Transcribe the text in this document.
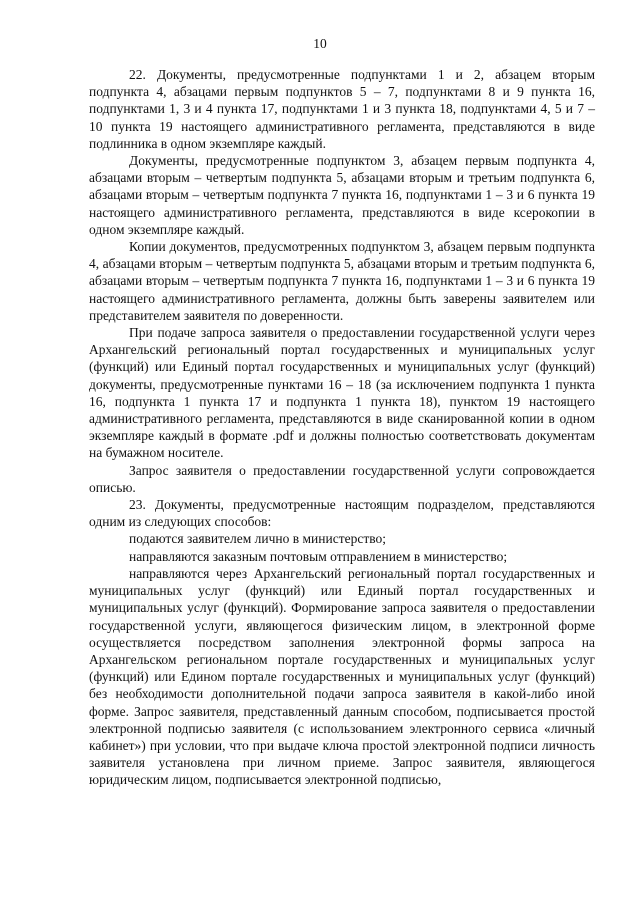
10

22. Документы, предусмотренные подпунктами 1 и 2, абзацем вторым подпункта 4, абзацами первым подпунктов 5 – 7, подпунктами 8 и 9 пункта 16, подпунктами 1, 3 и 4 пункта 17, подпунктами 1 и 3 пункта 18, подпунктами 4, 5 и 7 – 10 пункта 19 настоящего административного регламента, представляются в виде подлинника в одном экземпляре каждый.

Документы, предусмотренные подпунктом 3, абзацем первым подпункта 4, абзацами вторым – четвертым подпункта 5, абзацами вторым и третьим подпункта 6, абзацами вторым – четвертым подпункта 7 пункта 16, подпунктами 1 – 3 и 6 пункта 19 настоящего административного регламента, представляются в виде ксерокопии в одном экземпляре каждый.

Копии документов, предусмотренных подпунктом 3, абзацем первым подпункта 4, абзацами вторым – четвертым подпункта 5, абзацами вторым и третьим подпункта 6, абзацами вторым – четвертым подпункта 7 пункта 16, подпунктами 1 – 3 и 6 пункта 19 настоящего административного регламента, должны быть заверены заявителем или представителем заявителя по доверенности.

При подаче запроса заявителя о предоставлении государственной услуги через Архангельский региональный портал государственных и муниципальных услуг (функций) или Единый портал государственных и муниципальных услуг (функций) документы, предусмотренные пунктами 16 – 18 (за исключением подпункта 1 пункта 16, подпункта 1 пункта 17 и подпункта 1 пункта 18), пунктом 19 настоящего административного регламента, представляются в виде сканированной копии в одном экземпляре каждый в формате .pdf и должны полностью соответствовать документам на бумажном носителе.

Запрос заявителя о предоставлении государственной услуги сопровождается описью.

23. Документы, предусмотренные настоящим подразделом, представляются одним из следующих способов:

подаются заявителем лично в министерство;

направляются заказным почтовым отправлением в министерство;

направляются через Архангельский региональный портал государственных и муниципальных услуг (функций) или Единый портал государственных и муниципальных услуг (функций). Формирование запроса заявителя о предоставлении государственной услуги, являющегося физическим лицом, в электронной форме осуществляется посредством заполнения электронной формы запроса на Архангельском региональном портале государственных и муниципальных услуг (функций) или Едином портале государственных и муниципальных услуг (функций) без необходимости дополнительной подачи запроса заявителя в какой-либо иной форме. Запрос заявителя, представленный данным способом, подписывается простой электронной подписью заявителя (с использованием электронного сервиса «личный кабинет») при условии, что при выдаче ключа простой электронной подписи личность заявителя установлена при личном приеме. Запрос заявителя, являющегося юридическим лицом, подписывается электронной подписью,
